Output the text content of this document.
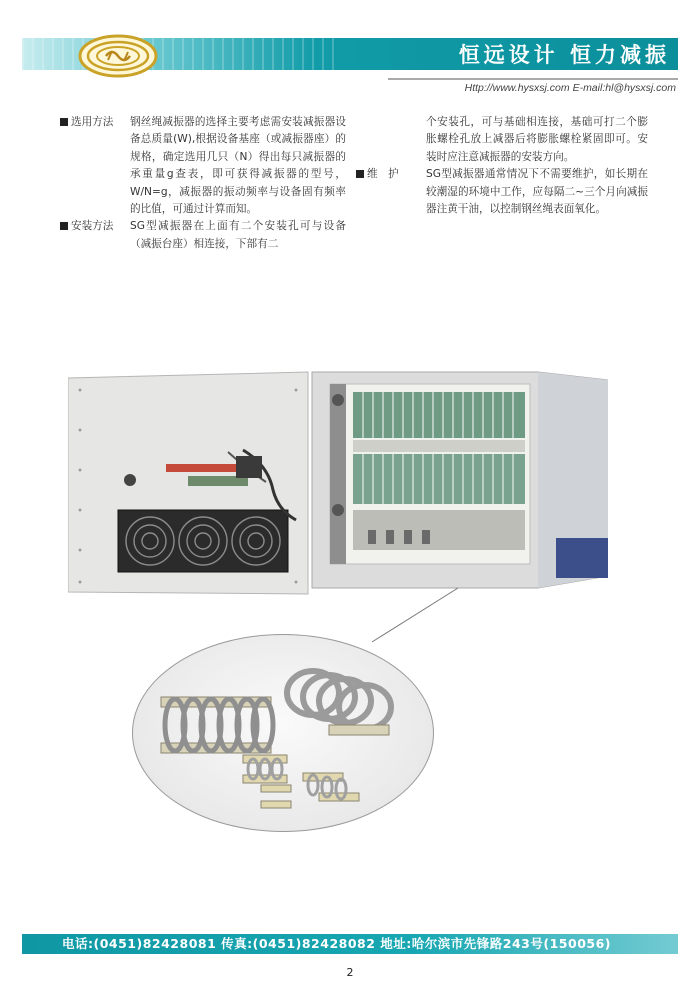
恒远设计 恒力减振
Http://www.hysxsj.com E-mail:hl@hysxsj.com
选用方法 钢丝绳减振器的选择主要考虑需安装减振器设备总质量(W),根据设备基座（或减振器座）的规格，确定选用几只（N）得出每只减振器的承重量g查表，即可获得减振器的型号，W/N=g，减振器的振动频率与设备固有频率的比值，可通过计算而知。
安装方法 SG型减振器在上面有二个安装孔可与设备（减振台座）相连接，下部有二
个安装孔，可与基础相连接，基础可打二个膨胀螺栓孔放上减器后将膨胀螺栓紧固即可。安装时应注意减振器的安装方向。
维　护	SG型减振器通常情况下不需要维护，如长期在较潮湿的环境中工作，应每隔二~三个月向减振器注黄干油，以控制钢丝绳表面氧化。
电话:(0451)82428081 传真:(0451)82428082 地址:哈尔滨市先锋路243号(150056)
2
